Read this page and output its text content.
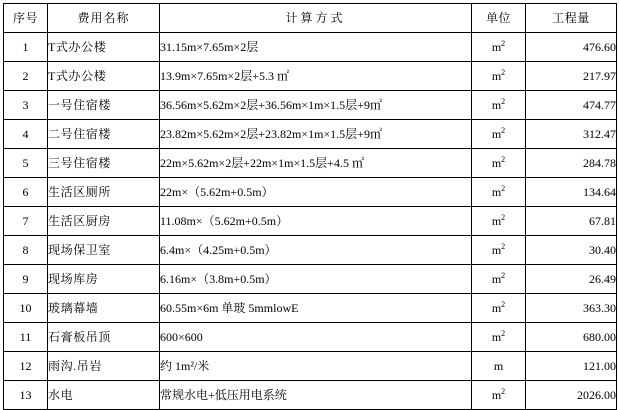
序号	费用名称	计算方式	单位	工程量
1	T式办公楼	31.15m×7.65m×2层	$m^2$	476.60
2	T式办公楼	13.9m×7.65m×2层+5.3 ㎡	$m^2$	217.97
3	一号住宿楼	36.56m×5.62m×2层+36.56m×1m×1.5层+9㎡	$m^2$	474.77
4	二号住宿楼	23.82m×5.62m×2层+23.82m×1m×1.5层+9㎡	$m^2$	312.47
5	三号住宿楼	22m×5.62m×2层+22m×1m×1.5层+4.5 ㎡	$m^2$	284.78
6	生活区厕所	22m×（5.62m+0.5m）	$m^2$	134.64
7	生活区厨房	11.08m×（5.62m+0.5m）	$m^2$	67.81
8	现场保卫室	6.4m×（4.25m+0.5m）	$m^2$	30.40
9	现场库房	6.16m×（3.8m+0.5m）	$m^2$	26.49
10	玻璃幕墙	60.55m×6m 单玻 5mmlowE	$m^2$	363.30
11	石膏板吊顶	600×600	$m^2$	680.00
12	雨沟.吊岩	约 1m²/米	m	121.00
13	水电	常规水电+低压用电系统	$m^2$	2026.00
